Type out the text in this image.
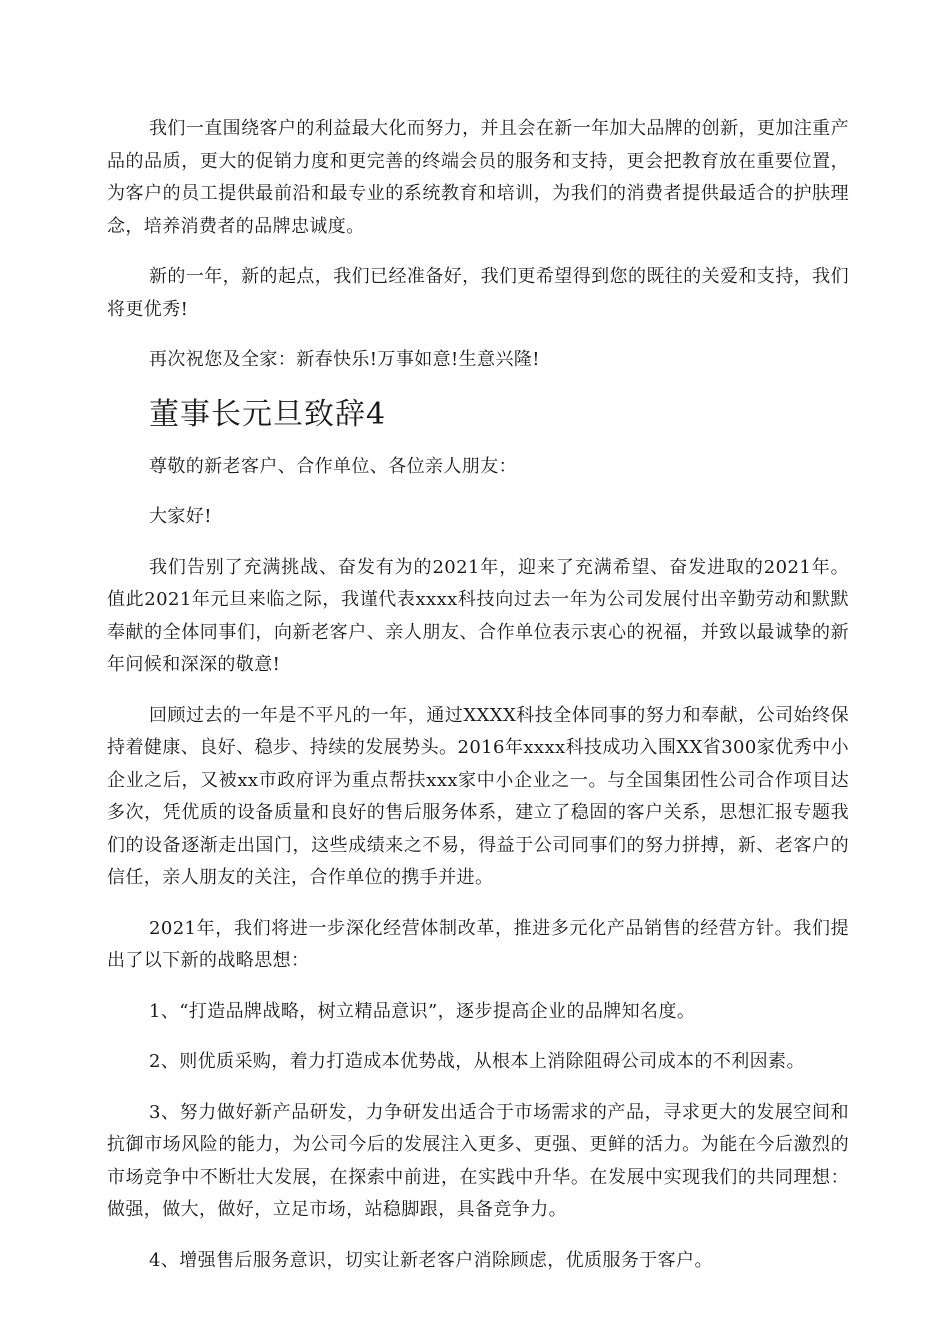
我们一直围绕客户的利益最大化而努力，并且会在新一年加大品牌的创新，更加注重产品的品质，更大的促销力度和更完善的终端会员的服务和支持，更会把教育放在重要位置，为客户的员工提供最前沿和最专业的系统教育和培训，为我们的消费者提供最适合的护肤理念，培养消费者的品牌忠诚度。

新的一年，新的起点，我们已经准备好，我们更希望得到您的既往的关爱和支持，我们将更优秀!

再次祝您及全家：新春快乐!万事如意!生意兴隆!

董事长元旦致辞4

尊敬的新老客户、合作单位、各位亲人朋友：

大家好!

我们告别了充满挑战、奋发有为的2021年，迎来了充满希望、奋发进取的2021年。值此2021年元旦来临之际，我谨代表xxxx科技向过去一年为公司发展付出辛勤劳动和默默奉献的全体同事们，向新老客户、亲人朋友、合作单位表示衷心的祝福，并致以最诚挚的新年问候和深深的敬意!

回顾过去的一年是不平凡的一年，通过XXXX科技全体同事的努力和奉献，公司始终保持着健康、良好、稳步、持续的发展势头。2016年xxxx科技成功入围XX省300家优秀中小企业之后，又被xx市政府评为重点帮扶xxx家中小企业之一。与全国集团性公司合作项目达多次，凭优质的设备质量和良好的售后服务体系，建立了稳固的客户关系，思想汇报专题我们的设备逐渐走出国门，这些成绩来之不易，得益于公司同事们的努力拼搏，新、老客户的信任，亲人朋友的关注，合作单位的携手并进。

2021年，我们将进一步深化经营体制改革，推进多元化产品销售的经营方针。我们提出了以下新的战略思想：

1、“打造品牌战略，树立精品意识”，逐步提高企业的品牌知名度。

2、则优质采购，着力打造成本优势战，从根本上消除阻碍公司成本的不利因素。

3、努力做好新产品研发，力争研发出适合于市场需求的产品，寻求更大的发展空间和抗御市场风险的能力，为公司今后的发展注入更多、更强、更鲜的活力。为能在今后激烈的市场竞争中不断壮大发展，在探索中前进，在实践中升华。在发展中实现我们的共同理想：做强，做大，做好，立足市场，站稳脚跟，具备竞争力。

4、增强售后服务意识，切实让新老客户消除顾虑，优质服务于客户。
